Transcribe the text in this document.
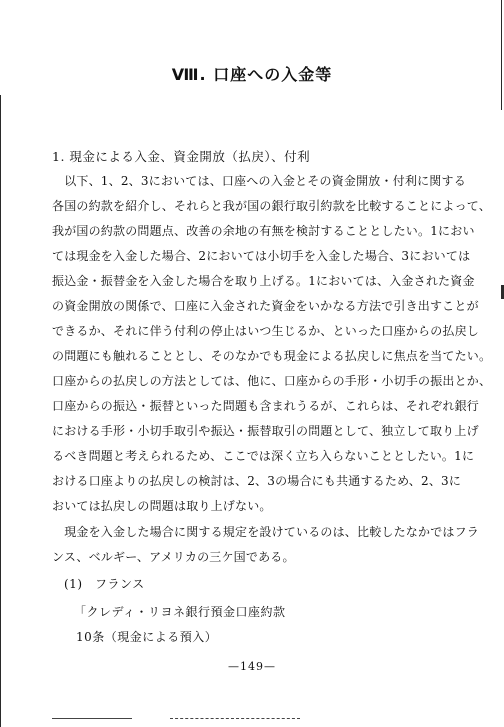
Ⅷ. 口座への入金等
1. 現金による入金、資金開放（払戻）、付利
　以下、1、2、3においては、口座への入金とその資金開放・付利に関する
各国の約款を紹介し、それらと我が国の銀行取引約款を比較することによって、
我が国の約款の問題点、改善の余地の有無を検討することとしたい。1におい
ては現金を入金した場合、2においては小切手を入金した場合、3においては
振込金・振替金を入金した場合を取り上げる。1においては、入金された資金
の資金開放の関係で、口座に入金された資金をいかなる方法で引き出すことが
できるか、それに伴う付利の停止はいつ生じるか、といった口座からの払戻し
の問題にも触れることとし、そのなかでも現金による払戻しに焦点を当てたい。
口座からの払戻しの方法としては、他に、口座からの手形・小切手の振出とか、
口座からの振込・振替といった問題も含まれうるが、これらは、それぞれ銀行
における手形・小切手取引や振込・振替取引の問題として、独立して取り上げ
るべき問題と考えられるため、ここでは深く立ち入らないこととしたい。1に
おける口座よりの払戻しの検討は、2、3の場合にも共通するため、2、3に
おいては払戻しの問題は取り上げない。
　現金を入金した場合に関する規定を設けているのは、比較したなかではフラ
ンス、ベルギー、アメリカの三ケ国である。
(1)　フランス
「クレディ・リヨネ銀行預金口座約款
10条（現金による預入）
—149—
